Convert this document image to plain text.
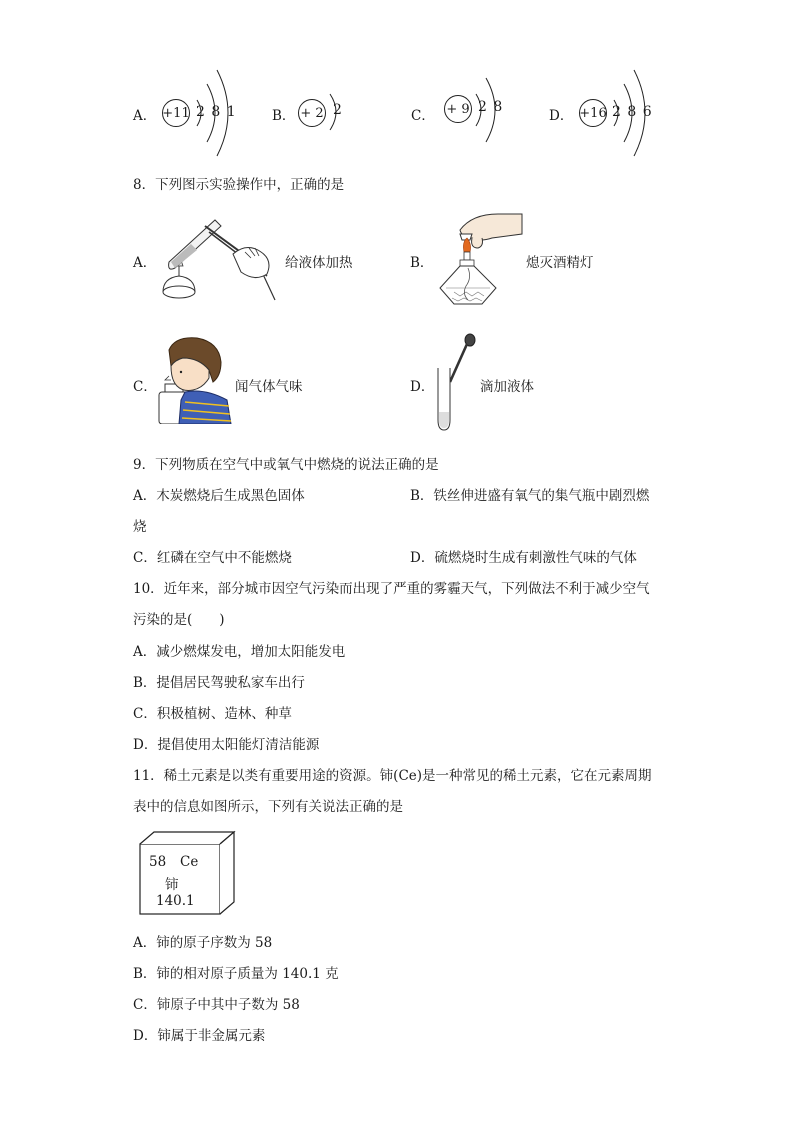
A． +11 2 8 1	B． + 2 2	C． + 9 2 8
D． +16 2 8 6
8．下列图示实验操作中，正确的是
A．	给液体加热	B．	熄灭酒精灯
C．	闻气体气味	D．	滴加液体
9．下列物质在空气中或氧气中燃烧的说法正确的是
A．木炭燃烧后生成黑色固体	B．铁丝伸进盛有氧气的集气瓶中剧烈燃
烧
C．红磷在空气中不能燃烧	D．硫燃烧时生成有刺激性气味的气体
10．近年来，部分城市因空气污染而出现了严重的雾霾天气，下列做法不利于减少空气
污染的是(　　)
A．减少燃煤发电，增加太阳能发电
B．提倡居民驾驶私家车出行
C．积极植树、造林、种草
D．提倡使用太阳能灯清洁能源
11．稀土元素是以类有重要用途的资源。铈(Ce)是一种常见的稀土元素，它在元素周期
表中的信息如图所示，下列有关说法正确的是
58 Ce
铈
140.1
A．铈的原子序数为 58
B．铈的相对原子质量为 140.1 克
C．铈原子中其中子数为 58
D．铈属于非金属元素
